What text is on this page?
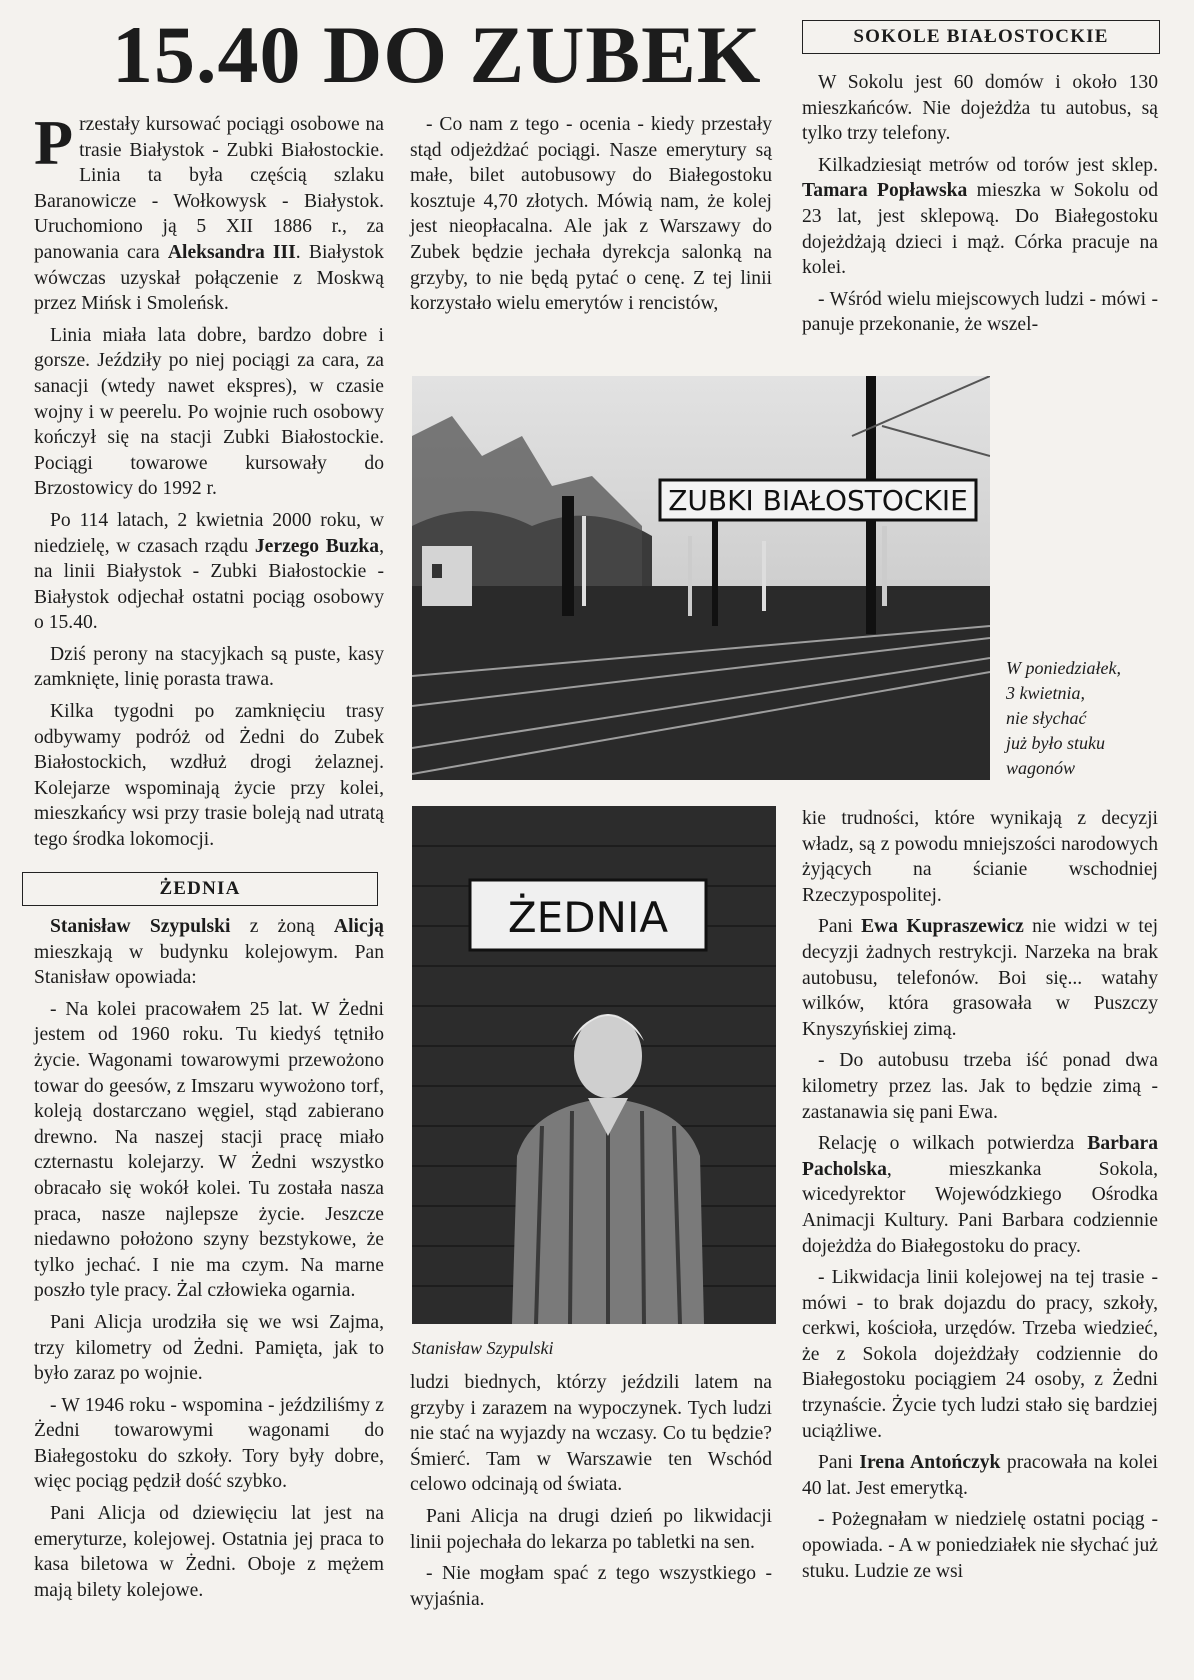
15.40 DO ZUBEK	SOKOLE BIAŁOSTOCKIE

Przestały kursować pociągi osobowe na trasie Białystok - Zubki Białostockie. Linia ta była częścią szlaku Baranowicze - Wołkowysk - Białystok. Uruchomiono ją 5 XII 1886 r., za panowania cara Aleksandra III. Białystok wówczas uzyskał połączenie z Moskwą przez Mińsk i Smoleńsk.

Linia miała lata dobre, bardzo dobre i gorsze. Jeździły po niej pociągi za cara, za sanacji (wtedy nawet ekspres), w czasie wojny i w peerelu. Po wojnie ruch osobowy kończył się na stacji Zubki Białostockie. Pociągi towarowe kursowały do Brzostowicy do 1992 r.

Po 114 latach, 2 kwietnia 2000 roku, w niedzielę, w czasach rządu Jerzego Buzka, na linii Białystok - Zubki Białostockie - Białystok odjechał ostatni pociąg osobowy o 15.40.

Dziś perony na stacyjkach są puste, kasy zamknięte, linię porasta trawa.

Kilka tygodni po zamknięciu trasy odbywamy podróż od Żedni do Zubek Białostockich, wzdłuż drogi żelaznej. Kolejarze wspominają życie przy kolei, mieszkańcy wsi przy trasie boleją nad utratą tego środka lokomocji.

ŻEDNIA

Stanisław Szypulski z żoną Alicją mieszkają w budynku kolejowym. Pan Stanisław opowiada:

- Na kolei pracowałem 25 lat. W Żedni jestem od 1960 roku. Tu kiedyś tętniło życie. Wagonami towarowymi przewożono towar do geesów, z Imszaru wywożono torf, koleją dostarczano węgiel, stąd zabierano drewno. Na naszej stacji pracę miało czternastu kolejarzy. W Żedni wszystko obracało się wokół kolei. Tu została nasza praca, nasze najlepsze życie. Jeszcze niedawno położono szyny bezstykowe, że tylko jechać. I nie ma czym. Na marne poszło tyle pracy. Żal człowieka ogarnia.

Pani Alicja urodziła się we wsi Zajma, trzy kilometry od Żedni. Pamięta, jak to było zaraz po wojnie.

- W 1946 roku - wspomina - jeździliśmy z Żedni towarowymi wagonami do Białegostoku do szkoły. Tory były dobre, więc pociąg pędził dość szybko.

Pani Alicja od dziewięciu lat jest na emeryturze, kolejowej. Ostatnia jej praca to kasa biletowa w Żedni. Oboje z mężem mają bilety kolejowe.

- Co nam z tego - ocenia - kiedy przestały stąd odjeżdżać pociągi. Nasze emerytury są małe, bilet autobusowy do Białegostoku kosztuje 4,70 złotych. Mówią nam, że kolej jest nieopłacalna. Ale jak z Warszawy do Zubek będzie jechała dyrekcja salonką na grzyby, to nie będą pytać o cenę. Z tej linii korzystało wielu emerytów i rencistów,

ZUBKI BIAŁOSTOCKIE
W poniedziałek,
3 kwietnia,
nie słychać
już było stuku
wagonów
ŻEDNIA
Stanisław Szypulski

ludzi biednych, którzy jeździli latem na grzyby i zarazem na wypoczynek. Tych ludzi nie stać na wyjazdy na wczasy. Co tu będzie? Śmierć. Tam w Warszawie ten Wschód celowo odcinają od świata.

Pani Alicja na drugi dzień po likwidacji linii pojechała do lekarza po tabletki na sen.

- Nie mogłam spać z tego wszystkiego - wyjaśnia.

W Sokolu jest 60 domów i około 130 mieszkańców. Nie dojeżdża tu autobus, są tylko trzy telefony.

Kilkadziesiąt metrów od torów jest sklep. Tamara Popławska mieszka w Sokolu od 23 lat, jest sklepową. Do Białegostoku dojeżdżają dzieci i mąż. Córka pracuje na kolei.

- Wśród wielu miejscowych ludzi - mówi - panuje przekonanie, że wszel-

kie trudności, które wynikają z decyzji władz, są z powodu mniejszości narodowych żyjących na ścianie wschodniej Rzeczypospolitej.

Pani Ewa Kupraszewicz nie widzi w tej decyzji żadnych restrykcji. Narzeka na brak autobusu, telefonów. Boi się... watahy wilków, która grasowała w Puszczy Knyszyńskiej zimą.

- Do autobusu trzeba iść ponad dwa kilometry przez las. Jak to będzie zimą - zastanawia się pani Ewa.

Relację o wilkach potwierdza Barbara Pacholska, mieszkanka Sokola, wicedyrektor Wojewódzkiego Ośrodka Animacji Kultury. Pani Barbara codziennie dojeżdża do Białegostoku do pracy.

- Likwidacja linii kolejowej na tej trasie - mówi - to brak dojazdu do pracy, szkoły, cerkwi, kościoła, urzędów. Trzeba wiedzieć, że z Sokola dojeżdżały codziennie do Białegostoku pociągiem 24 osoby, z Żedni trzynaście. Życie tych ludzi stało się bardziej uciążliwe.

Pani Irena Antończyk pracowała na kolei 40 lat. Jest emerytką.

- Pożegnałam w niedzielę ostatni pociąg - opowiada. - A w poniedziałek nie słychać już stuku. Ludzie ze wsi
